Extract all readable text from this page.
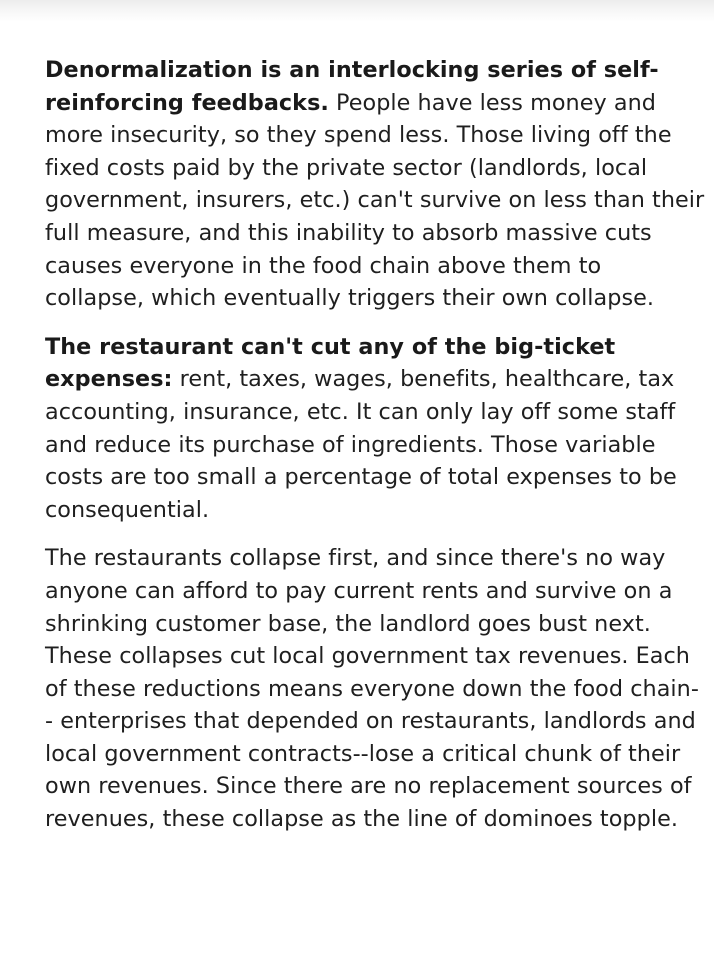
Denormalization is an interlocking series of self-reinforcing feedbacks. People have less money and more insecurity, so they spend less. Those living off the fixed costs paid by the private sector (landlords, local government, insurers, etc.) can't survive on less than their full measure, and this inability to absorb massive cuts causes everyone in the food chain above them to collapse, which eventually triggers their own collapse.

The restaurant can't cut any of the big-ticket expenses: rent, taxes, wages, benefits, healthcare, tax accounting, insurance, etc. It can only lay off some staff and reduce its purchase of ingredients. Those variable costs are too small a percentage of total expenses to be consequential.

The restaurants collapse first, and since there's no way anyone can afford to pay current rents and survive on a shrinking customer base, the landlord goes bust next. These collapses cut local government tax revenues. Each of these reductions means everyone down the food chain-- enterprises that depended on restaurants, landlords and local government contracts--lose a critical chunk of their own revenues. Since there are no replacement sources of revenues, these collapse as the line of dominoes topple.
